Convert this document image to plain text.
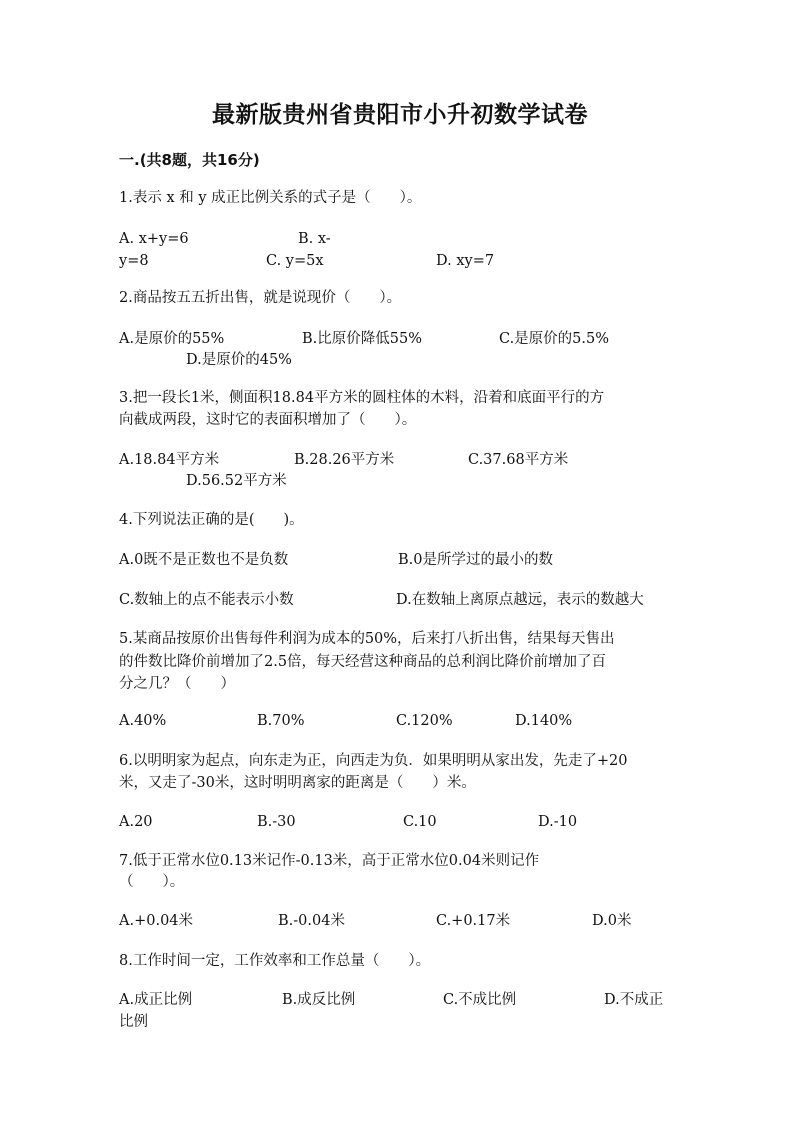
最新版贵州省贵阳市小升初数学试卷
一.(共8题，共16分)
1.表示 x 和 y 成正比例关系的式子是（　　）。
A. x+y=6	B. x-
y=8	C. y=5x	D. xy=7
2.商品按五五折出售，就是说现价（　　）。
A.是原价的55%	B.比原价降低55%	C.是原价的5.5%
D.是原价的45%
3.把一段长1米，侧面积18.84平方米的圆柱体的木料，沿着和底面平行的方
向截成两段，这时它的表面积增加了（　　）。
A.18.84平方米	B.28.26平方米	C.37.68平方米
D.56.52平方米
4.下列说法正确的是(　　)。
A.0既不是正数也不是负数	B.0是所学过的最小的数
C.数轴上的点不能表示小数	D.在数轴上离原点越远，表示的数越大
5.某商品按原价出售每件利润为成本的50%，后来打八折出售，结果每天售出
的件数比降价前增加了2.5倍，每天经营这种商品的总利润比降价前增加了百
分之几？（　　）
A.40%	B.70%	C.120%	D.140%
6.以明明家为起点，向东走为正，向西走为负．如果明明从家出发，先走了+20
米，又走了-30米，这时明明离家的距离是（　　）米。
A.20	B.-30	C.10	D.-10
7.低于正常水位0.13米记作-0.13米，高于正常水位0.04米则记作
（　　）。
A.+0.04米	B.-0.04米	C.+0.17米	D.0米
8.工作时间一定，工作效率和工作总量（　　）。
A.成正比例	B.成反比例	C.不成比例	D.不成正
比例
